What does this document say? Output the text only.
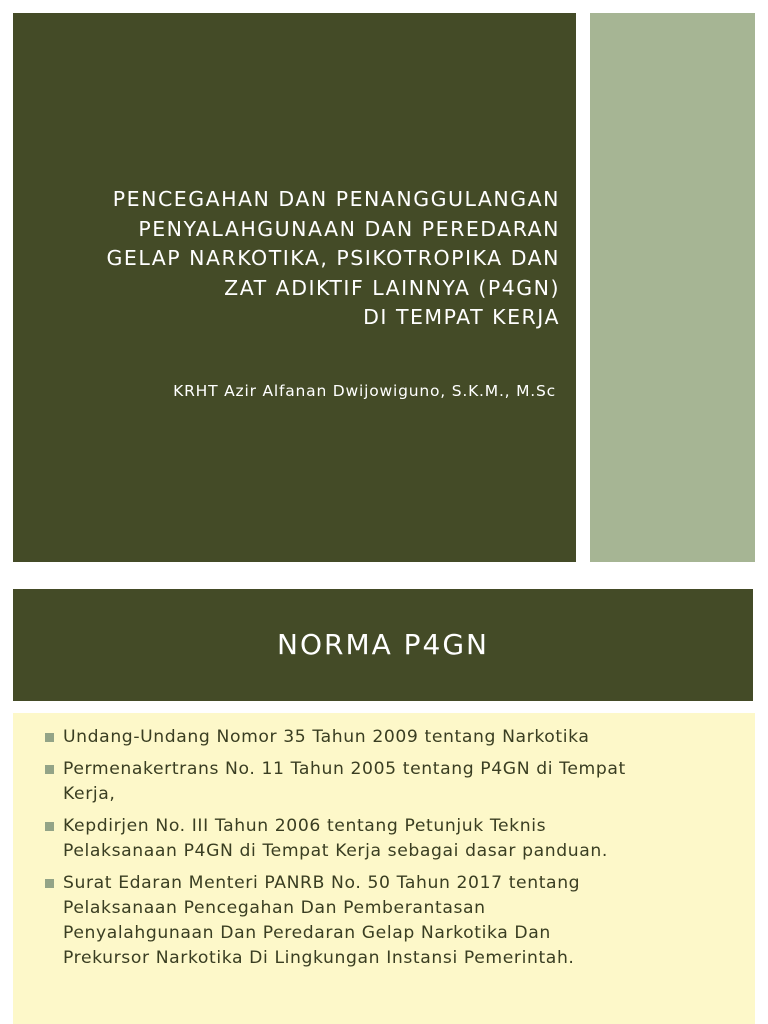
PENCEGAHAN DAN PENANGGULANGAN
PENYALAHGUNAAN DAN PEREDARAN
GELAP NARKOTIKA, PSIKOTROPIKA DAN
ZAT ADIKTIF LAINNYA (P4GN)
DI TEMPAT KERJA
KRHT Azir Alfanan Dwijowiguno, S.K.M., M.Sc
NORMA P4GN
Undang-Undang Nomor 35 Tahun 2009 tentang Narkotika
Permenakertrans No. 11 Tahun 2005 tentang P4GN di Tempat
Kerja,
Kepdirjen No. III Tahun 2006 tentang Petunjuk Teknis
Pelaksanaan P4GN di Tempat Kerja sebagai dasar panduan.
Surat Edaran Menteri PANRB No. 50 Tahun 2017 tentang
Pelaksanaan Pencegahan Dan Pemberantasan
Penyalahgunaan Dan Peredaran Gelap Narkotika Dan
Prekursor Narkotika Di Lingkungan Instansi Pemerintah.
